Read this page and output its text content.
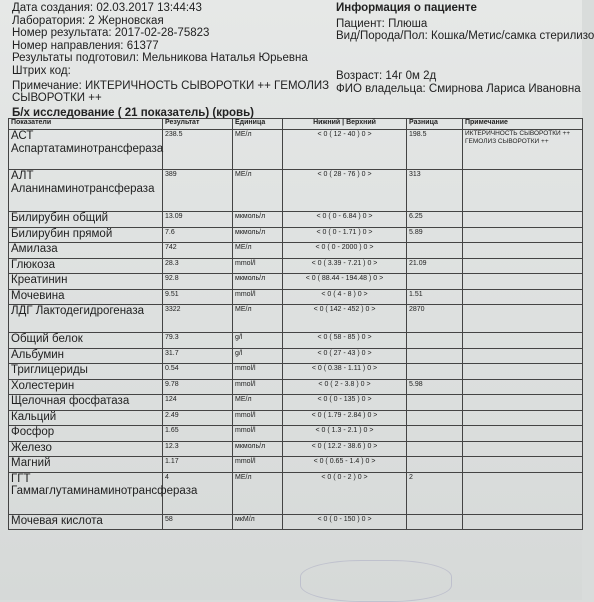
Дата создания: 02.03.2017 13:44:43
Лаборатория: 2 Жерновская
Номер результата: 2017-02-28-75823
Номер направления: 61377
Результаты подготовил: Мельникова Наталья Юрьевна
Штрих код:
Информация о пациенте
Пациент: Плюша
Вид/Порода/Пол: Кошка/Метис/самка стерилизо
Возраст: 14г 0м 2д
ФИО владельца: Смирнова Лариса Ивановна
Примечание: ИКТЕРИЧНОСТЬ СЫВОРОТКИ ++ ГЕМОЛИЗ СЫВОРОТКИ ++
Б/х исследование ( 21 показатель) (кровь)
Показатели	Результат	Единица	Нижний | Верхний	Разница	Примечание
АСТ Аспартатаминотрансфераза	238.5	МЕ/л	< 0 ( 12 - 40 ) 0 >	198.5	ИКТЕРИЧНОСТЬ СЫВОРОТКИ ++ ГЕМОЛИЗ СЫВОРОТКИ ++
АЛТ Аланинаминотрансфераза	389	МЕ/л	< 0 ( 28 - 76 ) 0 >	313	
Билирубин общий	13.09	мкмоль/л	< 0 ( 0 - 6.84 ) 0 >	6.25	
Билирубин прямой	7.6	мкмоль/л	< 0 ( 0 - 1.71 ) 0 >	5.89	
Амилаза	742	МЕ/л	< 0 ( 0 - 2000 ) 0 >		
Глюкоза	28.3	mmol/l	< 0 ( 3.39 - 7.21 ) 0 >	21.09	
Креатинин	92.8	мкмоль/л	< 0 ( 88.44 - 194.48 ) 0 >		
Мочевина	9.51	mmol/l	< 0 ( 4 - 8 ) 0 >	1.51	
ЛДГ Лактодегидрогеназа	3322	МЕ/л	< 0 ( 142 - 452 ) 0 >	2870	
Общий белок	79.3	g/l	< 0 ( 58 - 85 ) 0 >		
Альбумин	31.7	g/l	< 0 ( 27 - 43 ) 0 >		
Триглицериды	0.54	mmol/l	< 0 ( 0.38 - 1.11 ) 0 >		
Холестерин	9.78	mmol/l	< 0 ( 2 - 3.8 ) 0 >	5.98	
Щелочная фосфатаза	124	МЕ/л	< 0 ( 0 - 135 ) 0 >		
Кальций	2.49	mmol/l	< 0 ( 1.79 - 2.84 ) 0 >		
Фосфор	1.65	mmol/l	< 0 ( 1.3 - 2.1 ) 0 >		
Железо	12.3	мкмоль/л	< 0 ( 12.2 - 38.6 ) 0 >		
Магний	1.17	mmol/l	< 0 ( 0.65 - 1.4 ) 0 >		
ГГТ Гаммаглутаминаминотрансфераза	4	МЕ/л	< 0 ( 0 - 2 ) 0 >	2	
Мочевая кислота	58	мкМ/л	< 0 ( 0 - 150 ) 0 >		
